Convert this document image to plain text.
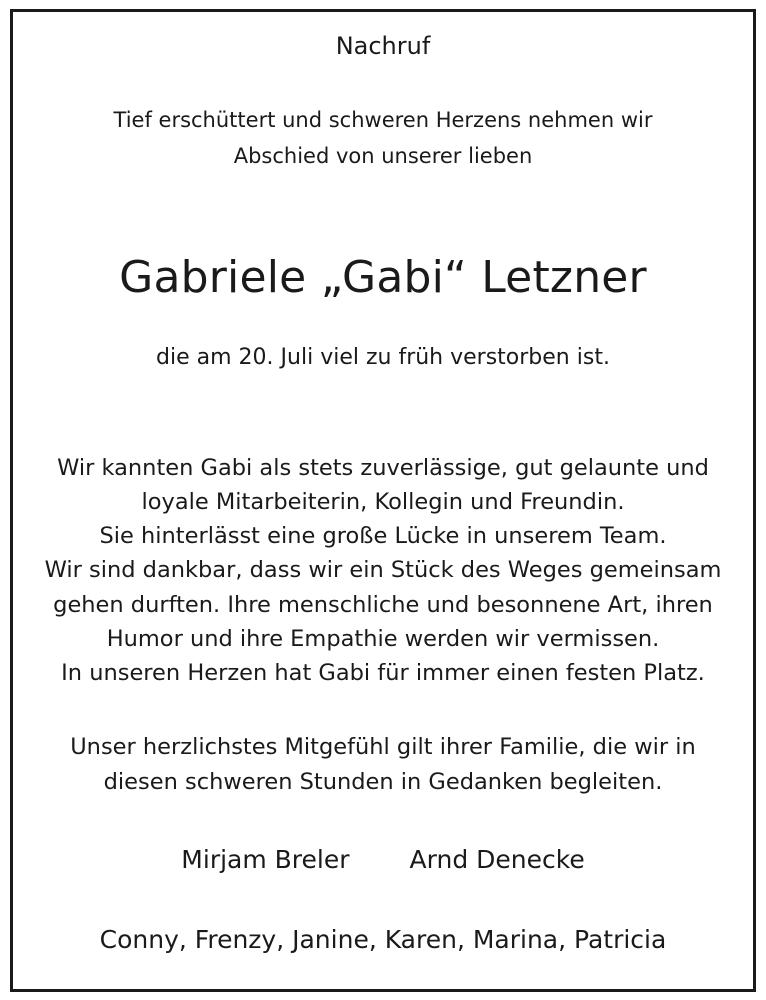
Nachruf
Tief erschüttert und schweren Herzens nehmen wir
Abschied von unserer lieben
Gabriele „Gabi“ Letzner
die am 20. Juli viel zu früh verstorben ist.
Wir kannten Gabi als stets zuverlässige, gut gelaunte und
loyale Mitarbeiterin, Kollegin und Freundin.
Sie hinterlässt eine große Lücke in unserem Team.
Wir sind dankbar, dass wir ein Stück des Weges gemeinsam
gehen durften. Ihre menschliche und besonnene Art, ihren
Humor und ihre Empathie werden wir vermissen.
In unseren Herzen hat Gabi für immer einen festen Platz.
Unser herzlichstes Mitgefühl gilt ihrer Familie, die wir in
diesen schweren Stunden in Gedanken begleiten.
Mirjam Breler Arnd Denecke
Conny, Frenzy, Janine, Karen, Marina, Patricia
